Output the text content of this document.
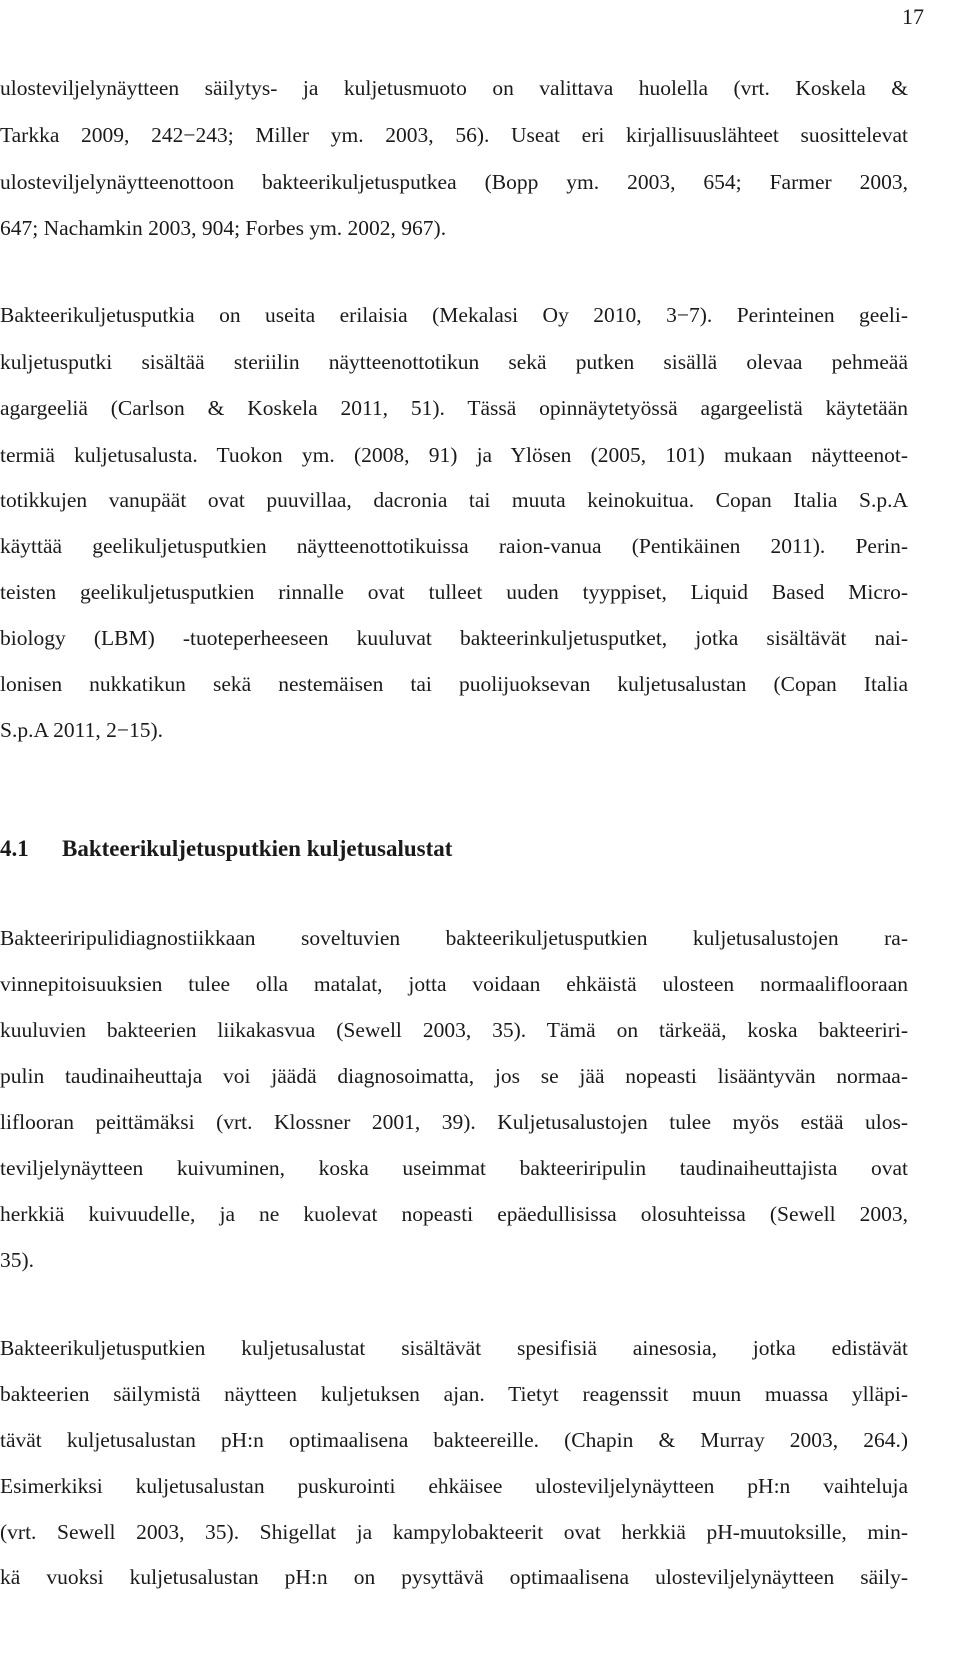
17
ulosteviljelynäytteen säilytys- ja kuljetusmuoto on valittava huolella (vrt. Koskela &
Tarkka 2009, 242−243; Miller ym. 2003, 56). Useat eri kirjallisuuslähteet suosittelevat
ulosteviljelynäytteenottoon bakteerikuljetusputkea (Bopp ym. 2003, 654; Farmer 2003,
647; Nachamkin 2003, 904; Forbes ym. 2002, 967).
Bakteerikuljetusputkia on useita erilaisia (Mekalasi Oy 2010, 3−7). Perinteinen geeli-
kuljetusputki sisältää steriilin näytteenottotikun sekä putken sisällä olevaa pehmeää
agargeeliä (Carlson & Koskela 2011, 51). Tässä opinnäytetyössä agargeelistä käytetään
termiä kuljetusalusta. Tuokon ym. (2008, 91) ja Ylösen (2005, 101) mukaan näytteenot-
totikkujen vanupäät ovat puuvillaa, dacronia tai muuta keinokuitua. Copan Italia S.p.A
käyttää geelikuljetusputkien näytteenottotikuissa raion-vanua (Pentikäinen 2011). Perin-
teisten geelikuljetusputkien rinnalle ovat tulleet uuden tyyppiset, Liquid Based Micro-
biology (LBM) -tuoteperheeseen kuuluvat bakteerinkuljetusputket, jotka sisältävät nai-
lonisen nukkatikun sekä nestemäisen tai puolijuoksevan kuljetusalustan (Copan Italia
S.p.A 2011, 2−15).
4.1 Bakteerikuljetusputkien kuljetusalustat
Bakteeriripulidiagnostiikkaan soveltuvien bakteerikuljetusputkien kuljetusalustojen ra-
vinnepitoisuuksien tulee olla matalat, jotta voidaan ehkäistä ulosteen normaaliflooraan
kuuluvien bakteerien liikakasvua (Sewell 2003, 35). Tämä on tärkeää, koska bakteeriri-
pulin taudinaiheuttaja voi jäädä diagnosoimatta, jos se jää nopeasti lisääntyvän normaa-
liflooran peittämäksi (vrt. Klossner 2001, 39). Kuljetusalustojen tulee myös estää ulos-
teviljelynäytteen kuivuminen, koska useimmat bakteeriripulin taudinaiheuttajista ovat
herkkiä kuivuudelle, ja ne kuolevat nopeasti epäedullisissa olosuhteissa (Sewell 2003,
35).
Bakteerikuljetusputkien kuljetusalustat sisältävät spesifisiä ainesosia, jotka edistävät
bakteerien säilymistä näytteen kuljetuksen ajan. Tietyt reagenssit muun muassa ylläpi-
tävät kuljetusalustan pH:n optimaalisena bakteereille. (Chapin & Murray 2003, 264.)
Esimerkiksi kuljetusalustan puskurointi ehkäisee ulosteviljelynäytteen pH:n vaihteluja
(vrt. Sewell 2003, 35). Shigellat ja kampylobakteerit ovat herkkiä pH-muutoksille, min-
kä vuoksi kuljetusalustan pH:n on pysyttävä optimaalisena ulosteviljelynäytteen säily-
